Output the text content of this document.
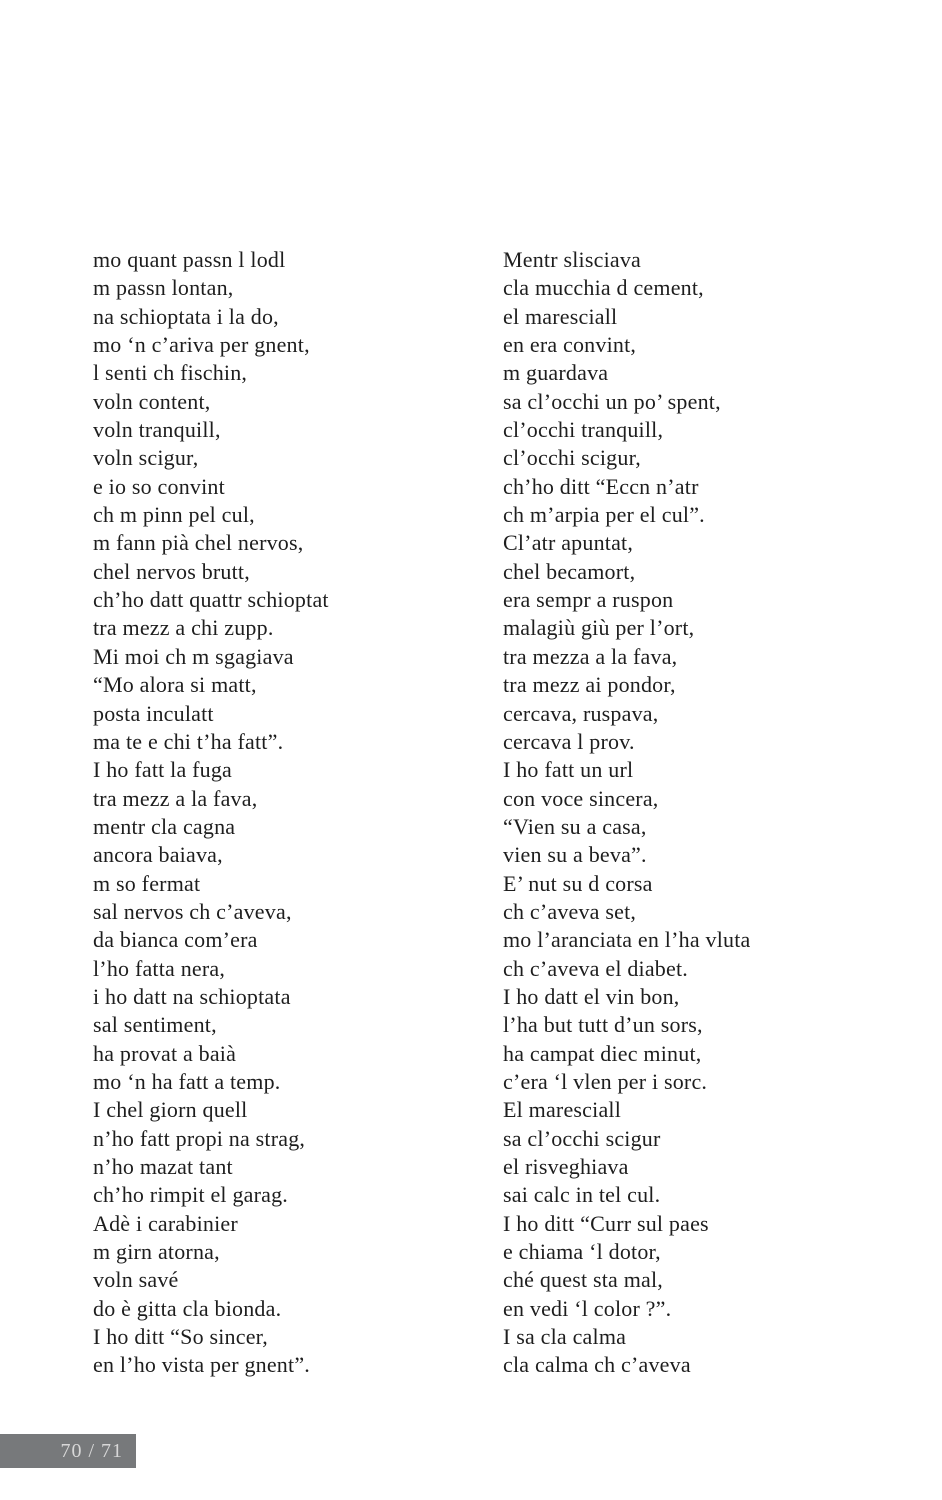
mo quant passn l lodl
m passn lontan,
na schioptata i la do,
mo ‘n c’ariva per gnent,
l senti ch fischin,
voln content,
voln tranquill,
voln scigur,
e io so convint
ch m pinn pel cul,
m fann pià chel nervos,
chel nervos brutt,
ch’ho datt quattr schioptat
tra mezz a chi zupp.
Mi moi ch m sgagiava
“Mo alora si matt,
posta inculatt
ma te e chi t’ha fatt”.
I ho fatt la fuga
tra mezz a la fava,
mentr cla cagna
ancora baiava,
m so fermat
sal nervos ch c’aveva,
da bianca com’era
l’ho fatta nera,
i ho datt na schioptata
sal sentiment,
ha provat a baià
mo ‘n ha fatt a temp.
I chel giorn quell
n’ho fatt propi na strag,
n’ho mazat tant
ch’ho rimpit el garag.
Adè i carabinier
m girn atorna,
voln savé
do è gitta cla bionda.
I ho ditt “So sincer,
en l’ho vista per gnent”.
Mentr slisciava
cla mucchia d cement,
el maresciall
en era convint,
m guardava
sa cl’occhi un po’ spent,
cl’occhi tranquill,
cl’occhi scigur,
ch’ho ditt “Eccn n’atr
ch m’arpia per el cul”.
Cl’atr apuntat,
chel becamort,
era sempr a ruspon
malagiù giù per l’ort,
tra mezza a la fava,
tra mezz ai pondor,
cercava, ruspava,
cercava l prov.
I ho fatt un url
con voce sincera,
“Vien su a casa,
vien su a beva”.
E’ nut su d corsa
ch c’aveva set,
mo l’aranciata en l’ha vluta
ch c’aveva el diabet.
I ho datt el vin bon,
l’ha but tutt d’un sors,
ha campat diec minut,
c’era ‘l vlen per i sorc.
El maresciall
sa cl’occhi scigur
el risveghiava
sai calc in tel cul.
I ho ditt “Curr sul paes
e chiama ‘l dotor,
ché quest sta mal,
en vedi ‘l color ?”.
I sa cla calma
cla calma ch c’aveva
70 / 71
